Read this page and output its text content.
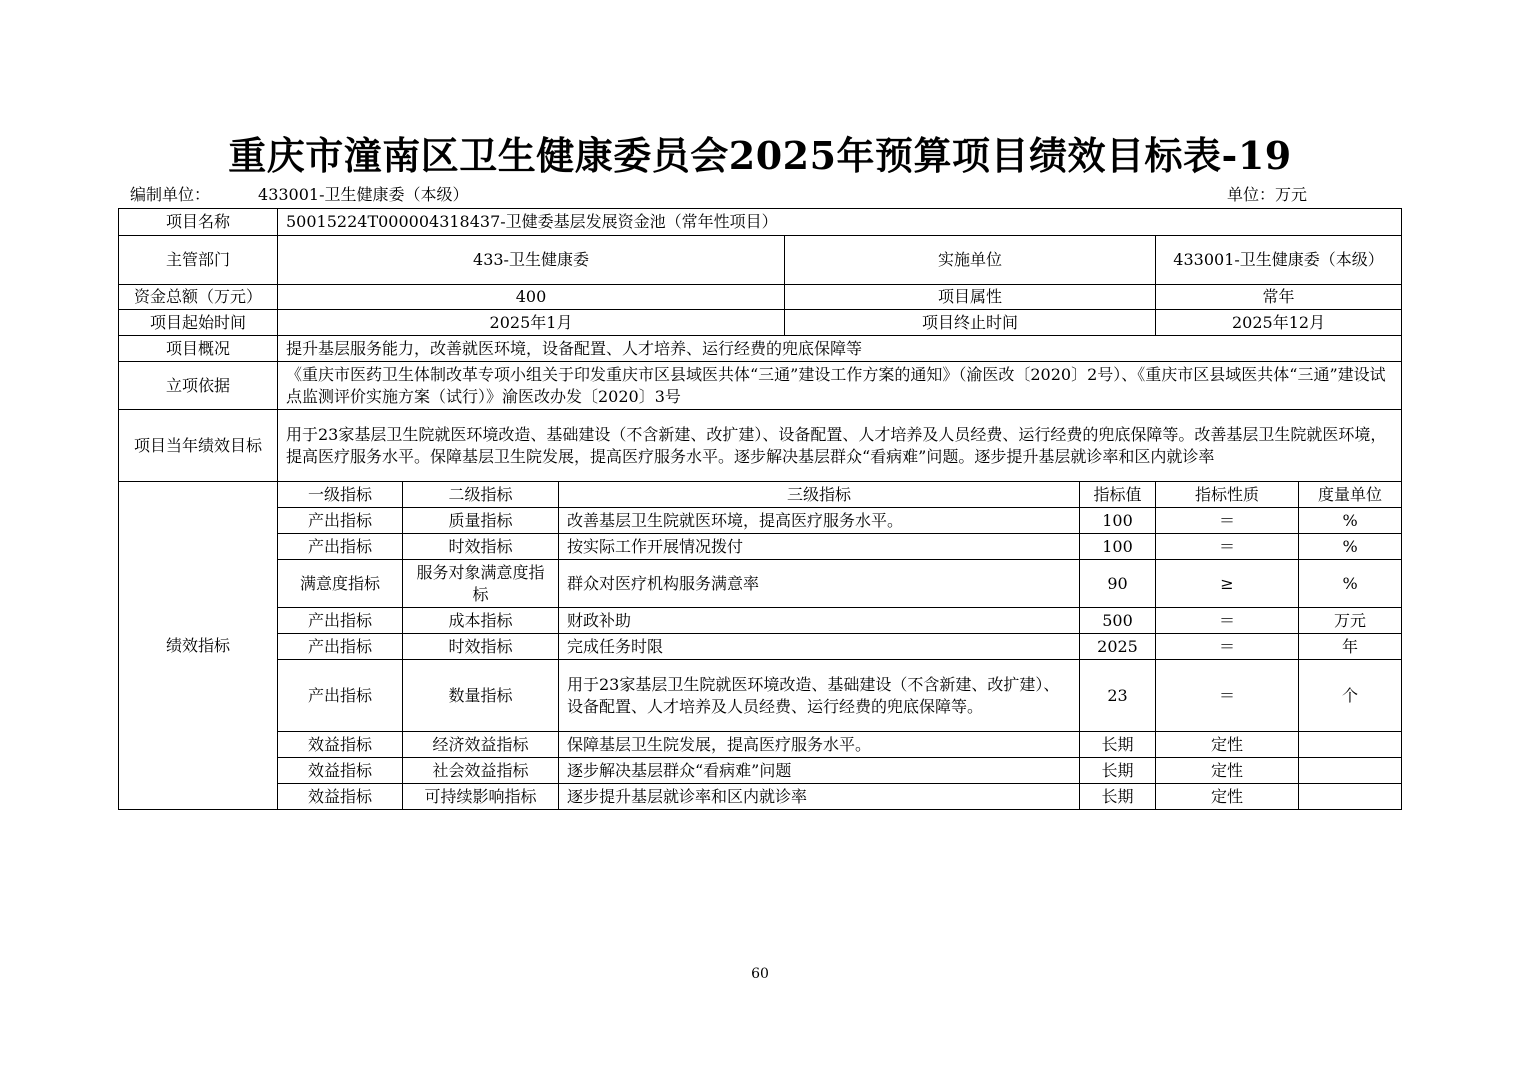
重庆市潼南区卫生健康委员会2025年预算项目绩效目标表-19
编制单位：	433001-卫生健康委（本级）	单位：万元
项目名称	50015224T000004318437-卫健委基层发展资金池（常年性项目）						
主管部门	433-卫生健康委			实施单位		433001-卫生健康委（本级）	
资金总额（万元）	400			项目属性		常年	
项目起始时间	2025年1月			项目终止时间		2025年12月	
项目概况	提升基层服务能力，改善就医环境，设备配置、人才培养、运行经费的兜底保障等						
立项依据	《重庆市医药卫生体制改革专项小组关于印发重庆市区县域医共体“三通”建设工作方案的通知》（渝医改〔2020〕2号）、《重庆市区县域医共体“三通”建设试点监测评价实施方案（试行）》渝医改办发〔2020〕3号						
项目当年绩效目标	用于23家基层卫生院就医环境改造、基础建设（不含新建、改扩建）、设备配置、人才培养及人员经费、运行经费的兜底保障等。改善基层卫生院就医环境，提高医疗服务水平。保障基层卫生院发展，提高医疗服务水平。逐步解决基层群众“看病难”问题。逐步提升基层就诊率和区内就诊率						
绩效指标	一级指标	二级指标	三级指标		指标值	指标性质	度量单位
	产出指标	质量指标	改善基层卫生院就医环境，提高医疗服务水平。		100	＝	%
	产出指标	时效指标	按实际工作开展情况拨付		100	＝	%
	满意度指标	服务对象满意度指标	群众对医疗机构服务满意率		90	≥	%
	产出指标	成本指标	财政补助		500	＝	万元
	产出指标	时效指标	完成任务时限		2025	＝	年
	产出指标	数量指标	用于23家基层卫生院就医环境改造、基础建设（不含新建、改扩建）、设备配置、人才培养及人员经费、运行经费的兜底保障等。		23	＝	个
	效益指标	经济效益指标	保障基层卫生院发展，提高医疗服务水平。		长期	定性	
	效益指标	社会效益指标	逐步解决基层群众“看病难”问题		长期	定性	
	效益指标	可持续影响指标	逐步提升基层就诊率和区内就诊率		长期	定性	
60
